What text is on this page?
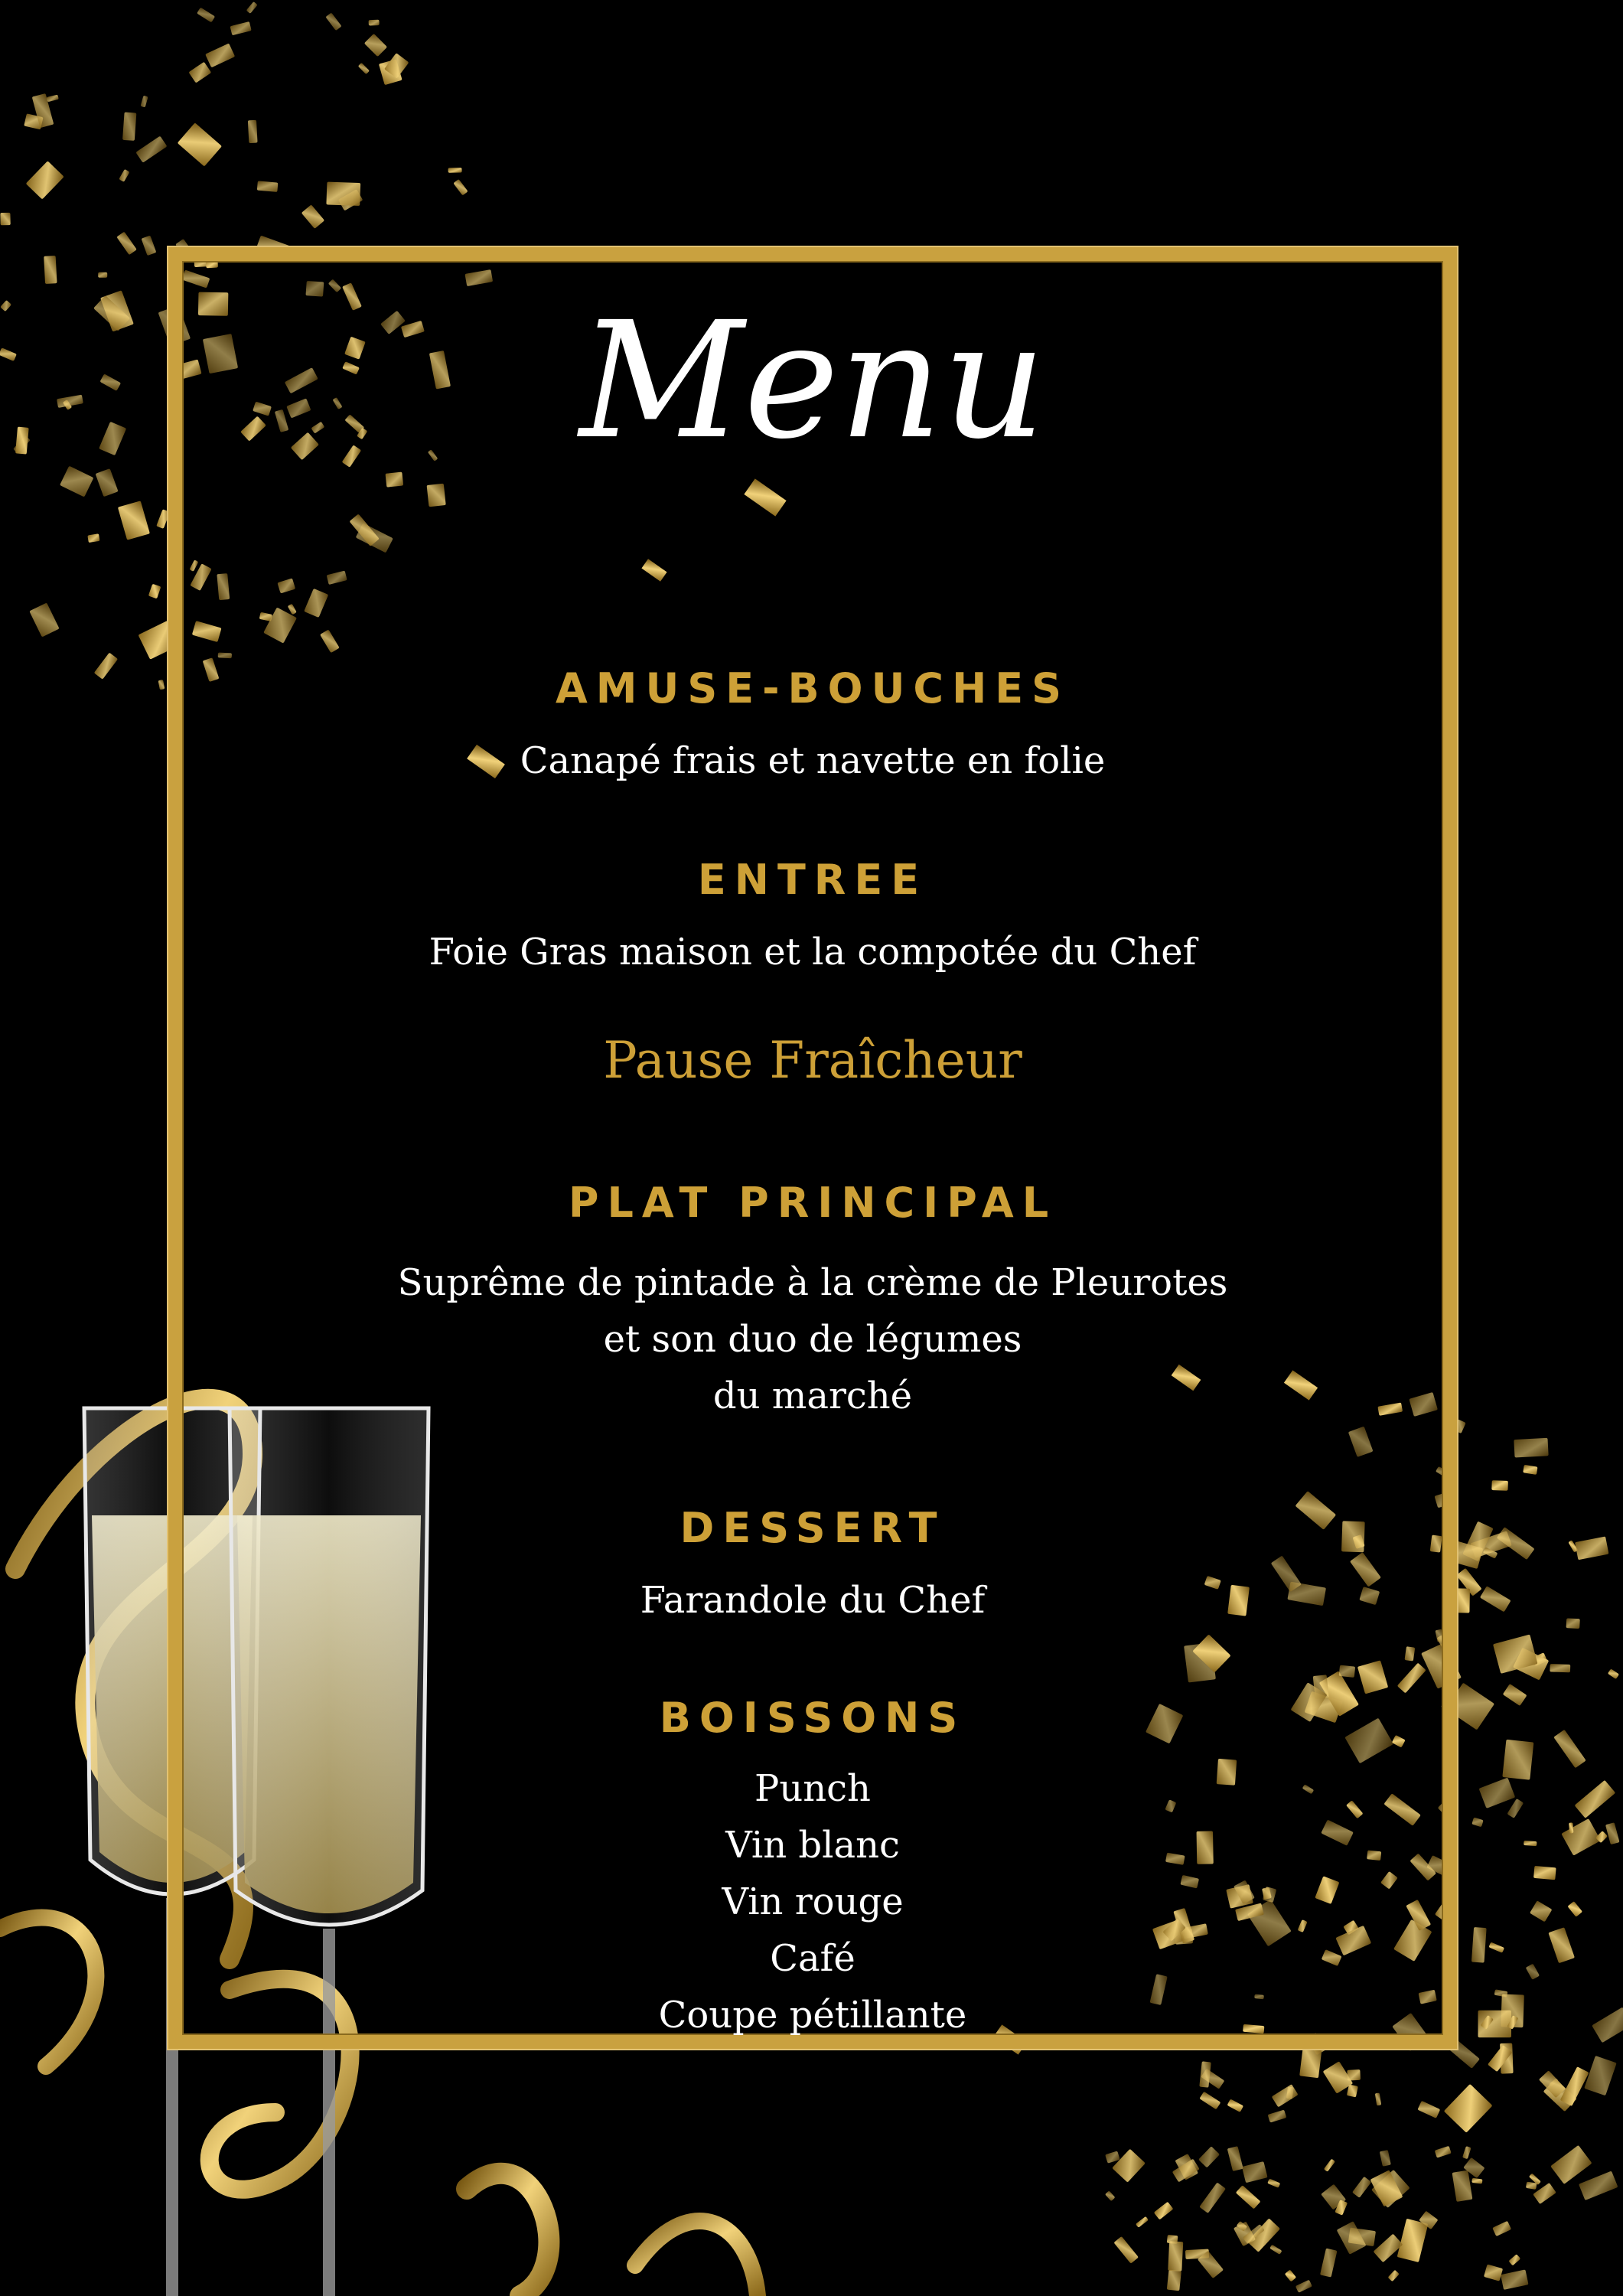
Menu
AMUSE-BOUCHES
Canapé frais et navette en folie
ENTREE
Foie Gras maison et la compotée du Chef
Pause Fraîcheur
PLAT PRINCIPAL
Suprême de pintade à la crème de Pleurotes
et son duo de légumes
du marché
DESSERT
Farandole du Chef
BOISSONS
Punch
Vin blanc
Vin rouge
Café
Coupe pétillante
